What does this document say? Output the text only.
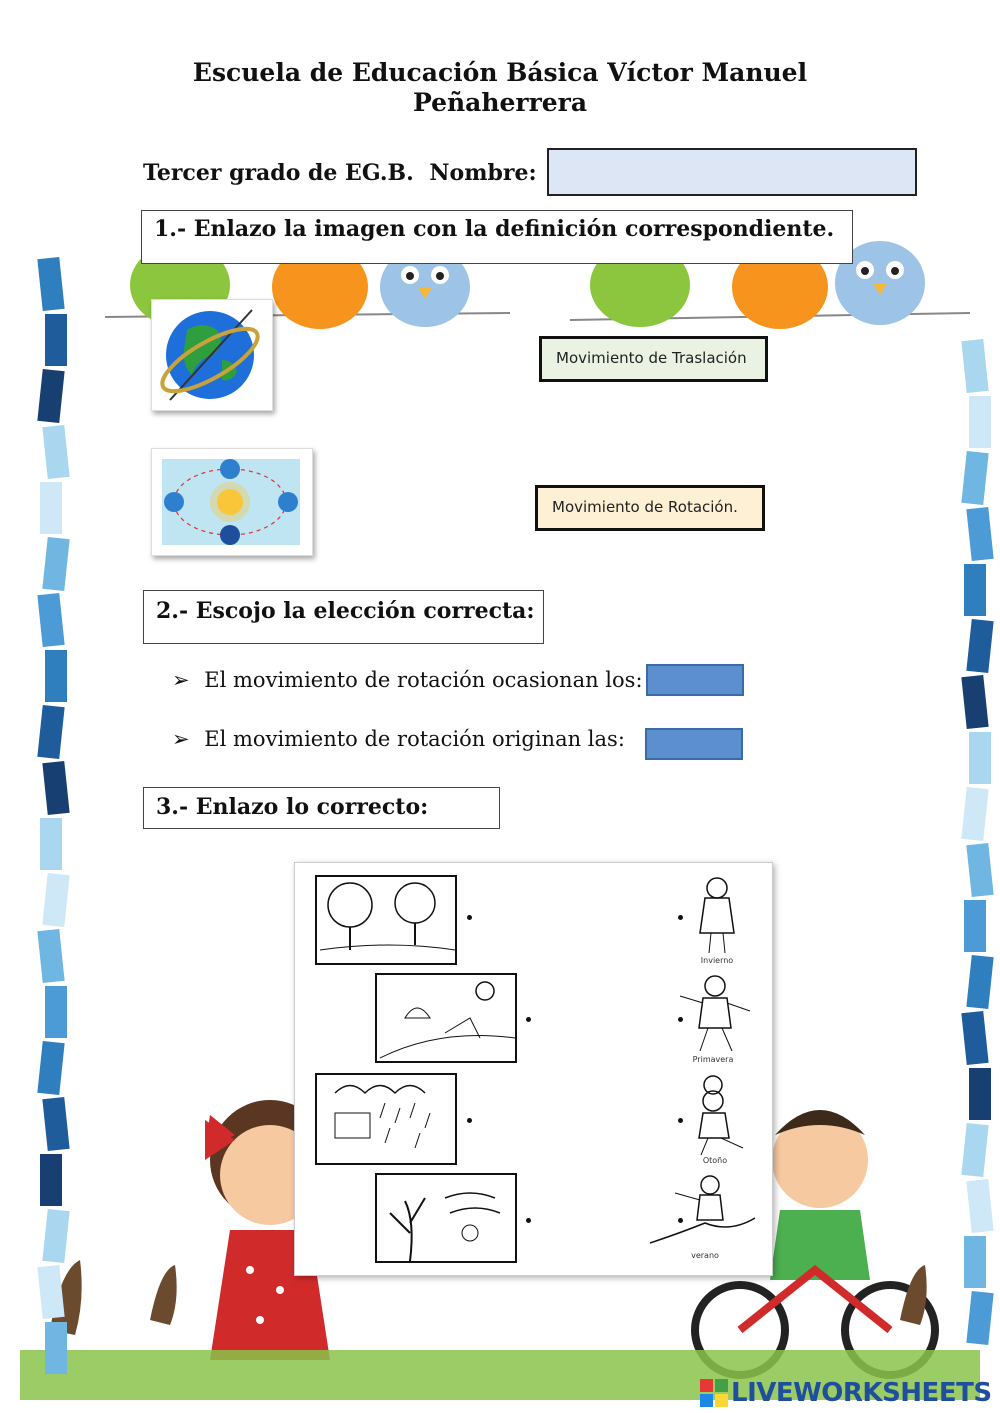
Escuela de Educación Básica Víctor Manuel
Peñaherrera
Tercer grado de EG.B. Nombre:
1.- Enlazo la imagen con la definición correspondiente.
Movimiento de Traslación
Movimiento de Rotación.
2.- Escojo la elección correcta:
➢ El movimiento de rotación ocasionan los:
➢ El movimiento de rotación originan las:
3.- Enlazo lo correcto:
Invierno
Primavera
Otoño
verano
LIVEWORKSHEETS
